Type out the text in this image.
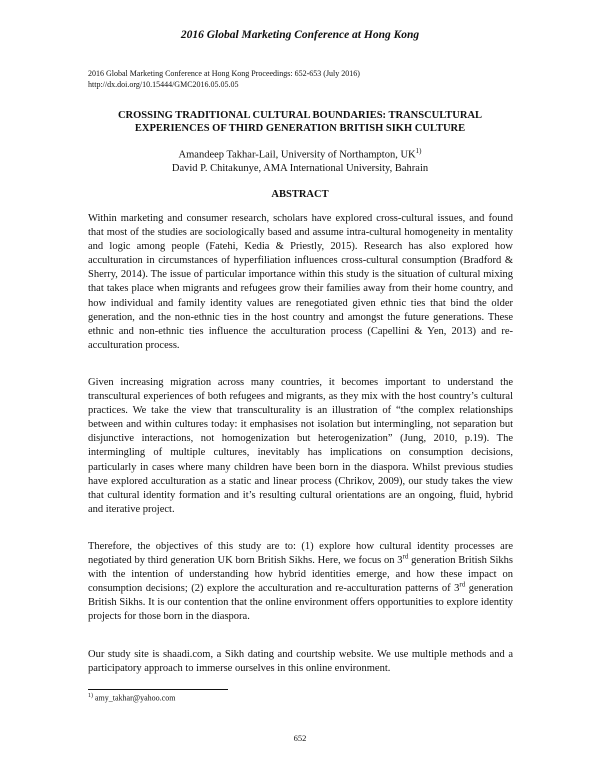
2016 Global Marketing Conference at Hong Kong
2016 Global Marketing Conference at Hong Kong Proceedings: 652-653 (July 2016)
http://dx.doi.org/10.15444/GMC2016.05.05.05
CROSSING TRADITIONAL CULTURAL BOUNDARIES: TRANSCULTURAL
EXPERIENCES OF THIRD GENERATION BRITISH SIKH CULTURE
Amandeep Takhar-Lail, University of Northampton, UK$^{1)}$
David P. Chitakunye, AMA International University, Bahrain
ABSTRACT

Within marketing and consumer research, scholars have explored cross-cultural issues, and found that most of the studies are sociologically based and assume intra-cultural homogeneity in mentality and logic among people (Fatehi, Kedia & Priestly, 2015). Research has also explored how acculturation in circumstances of hyperfiliation influences cross-cultural consumption (Bradford & Sherry, 2014). The issue of particular importance within this study is the situation of cultural mixing that takes place when migrants and refugees grow their families away from their home country, and how individual and family identity values are renegotiated given ethnic ties that bind the older generation, and the non-ethnic ties in the host country and amongst the future generations. These ethnic and non-ethnic ties influence the acculturation process (Capellini & Yen, 2013) and re-acculturation process.

Given increasing migration across many countries, it becomes important to understand the transcultural experiences of both refugees and migrants, as they mix with the host country’s cultural practices. We take the view that transculturality is an illustration of “the complex relationships between and within cultures today: it emphasises not isolation but intermingling, not separation but disjunctive interactions, not homogenization but heterogenization” (Jung, 2010, p.19). The intermingling of multiple cultures, inevitably has implications on consumption decisions, particularly in cases where many children have been born in the diaspora. Whilst previous studies have explored acculturation as a static and linear process (Chrikov, 2009), our study takes the view that cultural identity formation and it’s resulting cultural orientations are an ongoing, fluid, hybrid and iterative project.

Therefore, the objectives of this study are to: (1) explore how cultural identity processes are negotiated by third generation UK born British Sikhs. Here, we focus on 3rd generation British Sikhs with the intention of understanding how hybrid identities emerge, and how these impact on consumption decisions; (2) explore the acculturation and re-acculturation patterns of 3rd generation British Sikhs. It is our contention that the online environment offers opportunities to explore identity projects for those born in the diaspora.

Our study site is shaadi.com, a Sikh dating and courtship website. We use multiple methods and a participatory approach to immerse ourselves in this online environment.

$^{1)}$ amy_takhar@yahoo.com
652
